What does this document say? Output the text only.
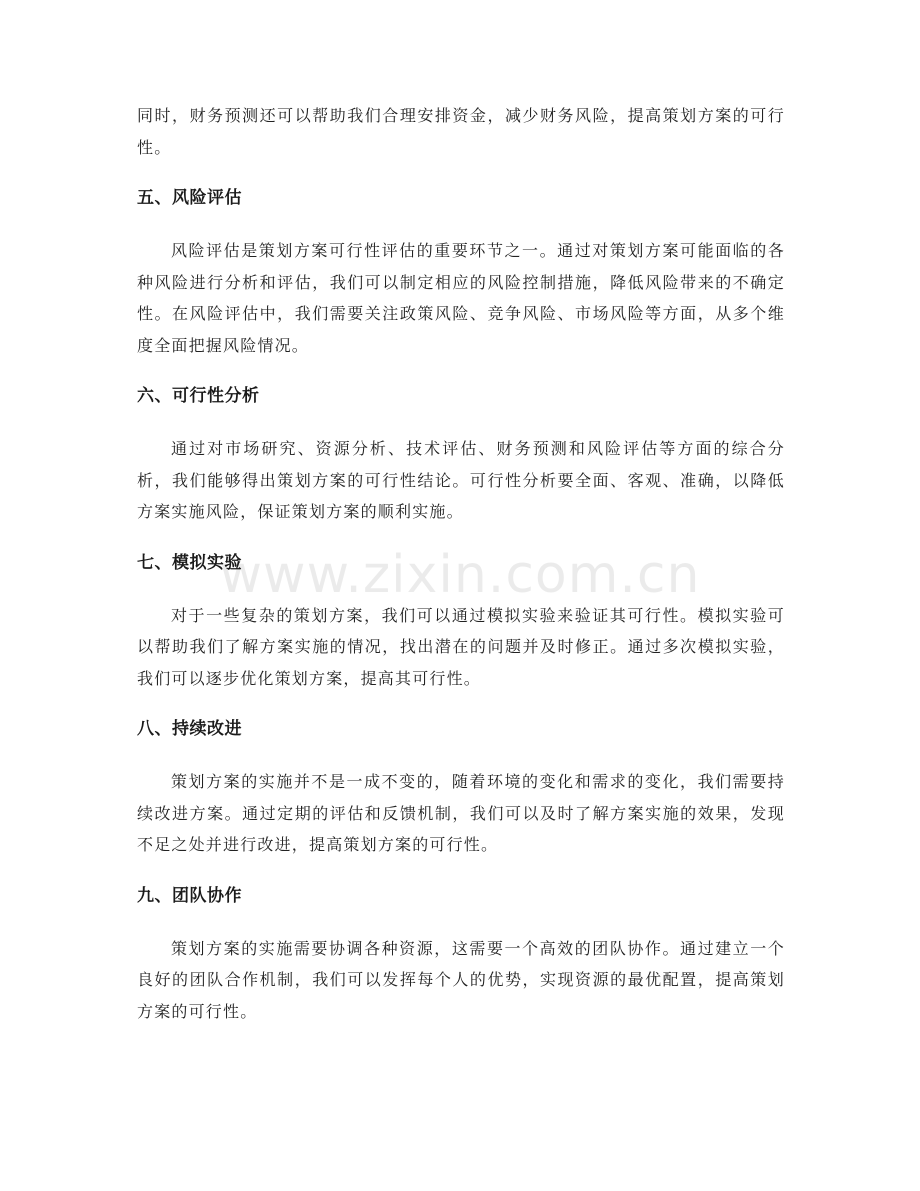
同时，财务预测还可以帮助我们合理安排资金，减少财务风险，提高策划方案的可行性。

五、风险评估

风险评估是策划方案可行性评估的重要环节之一。通过对策划方案可能面临的各种风险进行分析和评估，我们可以制定相应的风险控制措施，降低风险带来的不确定性。在风险评估中，我们需要关注政策风险、竞争风险、市场风险等方面，从多个维度全面把握风险情况。

六、可行性分析

通过对市场研究、资源分析、技术评估、财务预测和风险评估等方面的综合分析，我们能够得出策划方案的可行性结论。可行性分析要全面、客观、准确，以降低方案实施风险，保证策划方案的顺利实施。

七、模拟实验

对于一些复杂的策划方案，我们可以通过模拟实验来验证其可行性。模拟实验可以帮助我们了解方案实施的情况，找出潜在的问题并及时修正。通过多次模拟实验，我们可以逐步优化策划方案，提高其可行性。

八、持续改进

策划方案的实施并不是一成不变的，随着环境的变化和需求的变化，我们需要持续改进方案。通过定期的评估和反馈机制，我们可以及时了解方案实施的效果，发现不足之处并进行改进，提高策划方案的可行性。

九、团队协作

策划方案的实施需要协调各种资源，这需要一个高效的团队协作。通过建立一个良好的团队合作机制，我们可以发挥每个人的优势，实现资源的最优配置，提高策划方案的可行性。

www.zixin.com.cn
